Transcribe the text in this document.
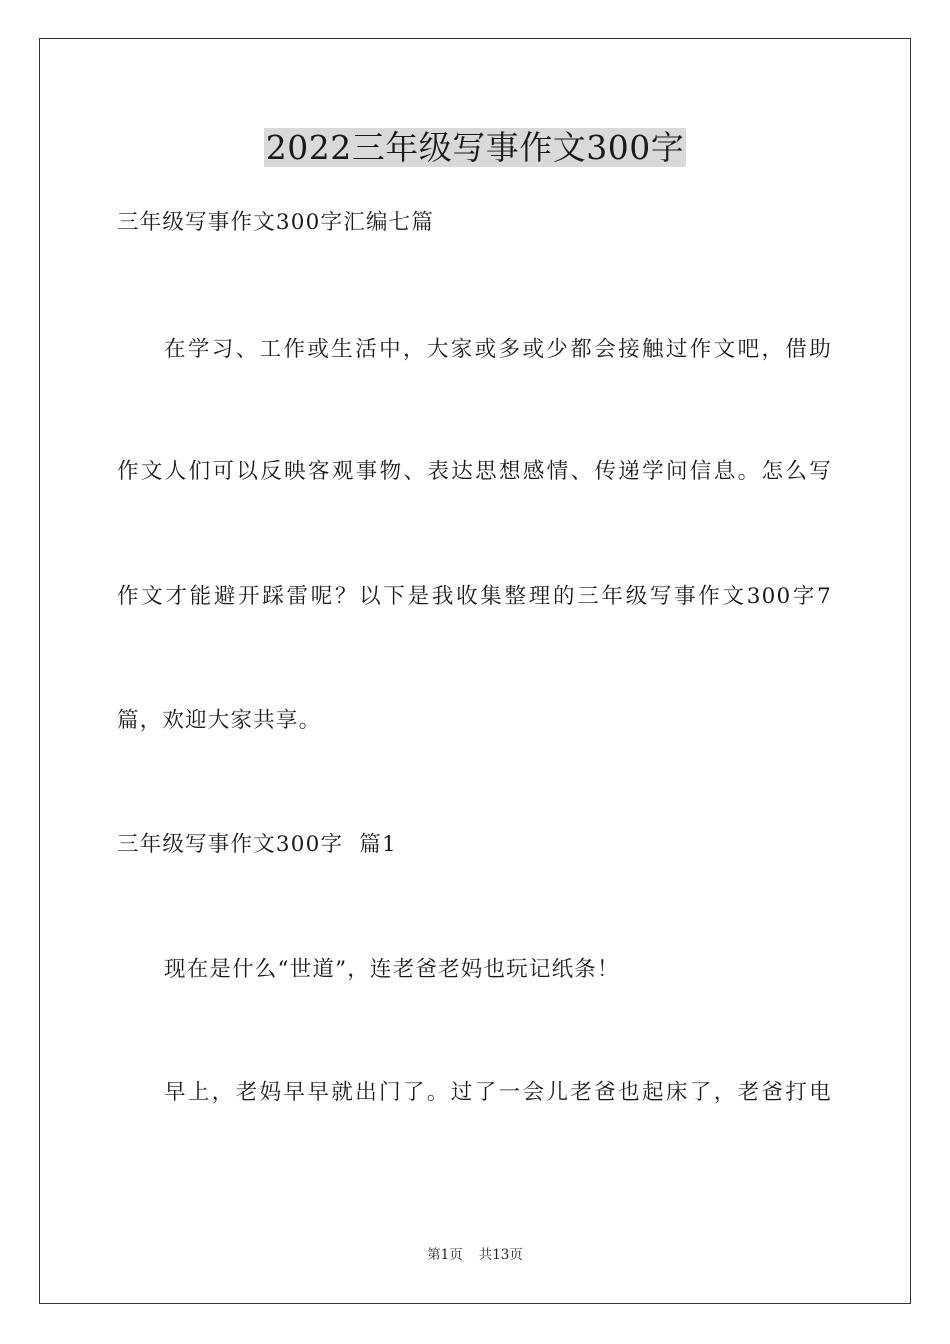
2022三年级写事作文300字

三年级写事作文300字汇编七篇

在学习、工作或生活中，大家或多或少都会接触过作文吧，借助

作文人们可以反映客观事物、表达思想感情、传递学问信息。怎么写

作文才能避开踩雷呢？以下是我收集整理的三年级写事作文300字7

篇，欢迎大家共享。

三年级写事作文300字  篇1

现在是什么“世道”，连老爸老妈也玩记纸条！

早上，老妈早早就出门了。过了一会儿老爸也起床了，老爸打电

第1页 共13页
